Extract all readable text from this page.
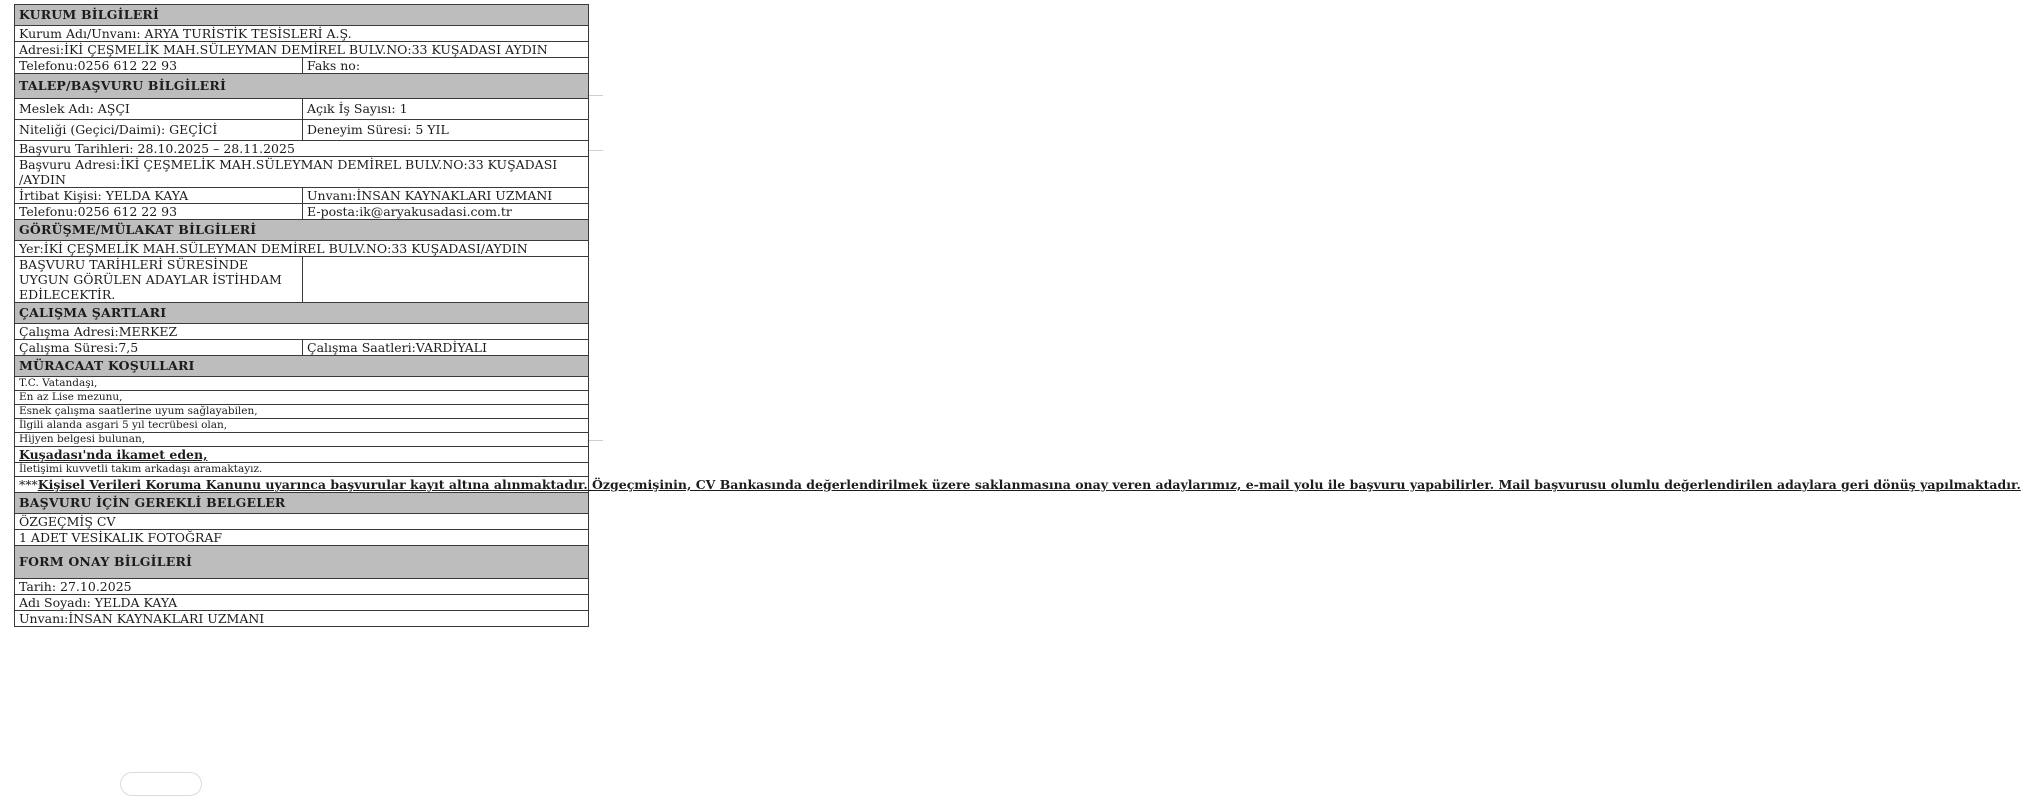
KURUM BİLGİLERİ	
Kurum Adı/Unvanı: ARYA TURİSTİK TESİSLERİ A.Ş.	
Adresi:İKİ ÇEŞMELİK MAH.SÜLEYMAN DEMİREL BULV.NO:33 KUŞADASI AYDIN	
Telefonu:0256 612 22 93	Faks no:
TALEP/BAŞVURU BİLGİLERİ	
Meslek Adı: AŞÇI	Açık İş Sayısı: 1
Niteliği (Geçici/Daimi): GEÇİCİ	Deneyim Süresi: 5 YIL
Başvuru Tarihleri: 28.10.2025 – 28.11.2025	

Başvuru Adresi:İKİ ÇEŞMELİK MAH.SÜLEYMAN DEMİREL BULV.NO:33 KUŞADASI
/AYDIN	

İrtibat Kişisi: YELDA KAYA	Unvanı:İNSAN KAYNAKLARI UZMANI
Telefonu:0256 612 22 93	E-posta:ik@aryakusadasi.com.tr
GÖRÜŞME/MÜLAKAT BİLGİLERİ	
Yer:İKİ ÇEŞMELİK MAH.SÜLEYMAN DEMİREL BULV.NO:33 KUŞADASI/AYDIN	

BAŞVURU TARİHLERİ SÜRESİNDE
UYGUN GÖRÜLEN ADAYLAR İSTİHDAM
EDİLECEKTİR.	

ÇALIŞMA ŞARTLARI	
Çalışma Adresi:MERKEZ	
Çalışma Süresi:7,5	Çalışma Saatleri:VARDİYALI
MÜRACAAT KOŞULLARI	
T.C. Vatandaşı,	
En az Lise mezunu,	
Esnek çalışma saatlerine uyum sağlayabilen,	
İlgili alanda asgari 5 yıl tecrübesi olan,	
Hijyen belgesi bulunan,	
Kuşadası'nda ikamet eden,	
İletişimi kuvvetli takım arkadaşı aramaktayız.	
***Kişisel Verileri Koruma Kanunu uyarınca başvurular kayıt altına alınmaktadır. Özgeçmişinin, CV Bankasında değerlendirilmek üzere saklanmasına onay veren adaylarımız, e-mail yolu ile başvuru yapabilirler. Mail başvurusu olumlu değerlendirilen adaylara geri dönüş yapılmaktadır.	
BAŞVURU İÇİN GEREKLİ BELGELER	
ÖZGEÇMİŞ CV	
1 ADET VESİKALIK FOTOĞRAF	
FORM ONAY BİLGİLERİ	
Tarih: 27.10.2025	
Adı Soyadı: YELDA KAYA	
Unvanı:İNSAN KAYNAKLARI UZMANI	
